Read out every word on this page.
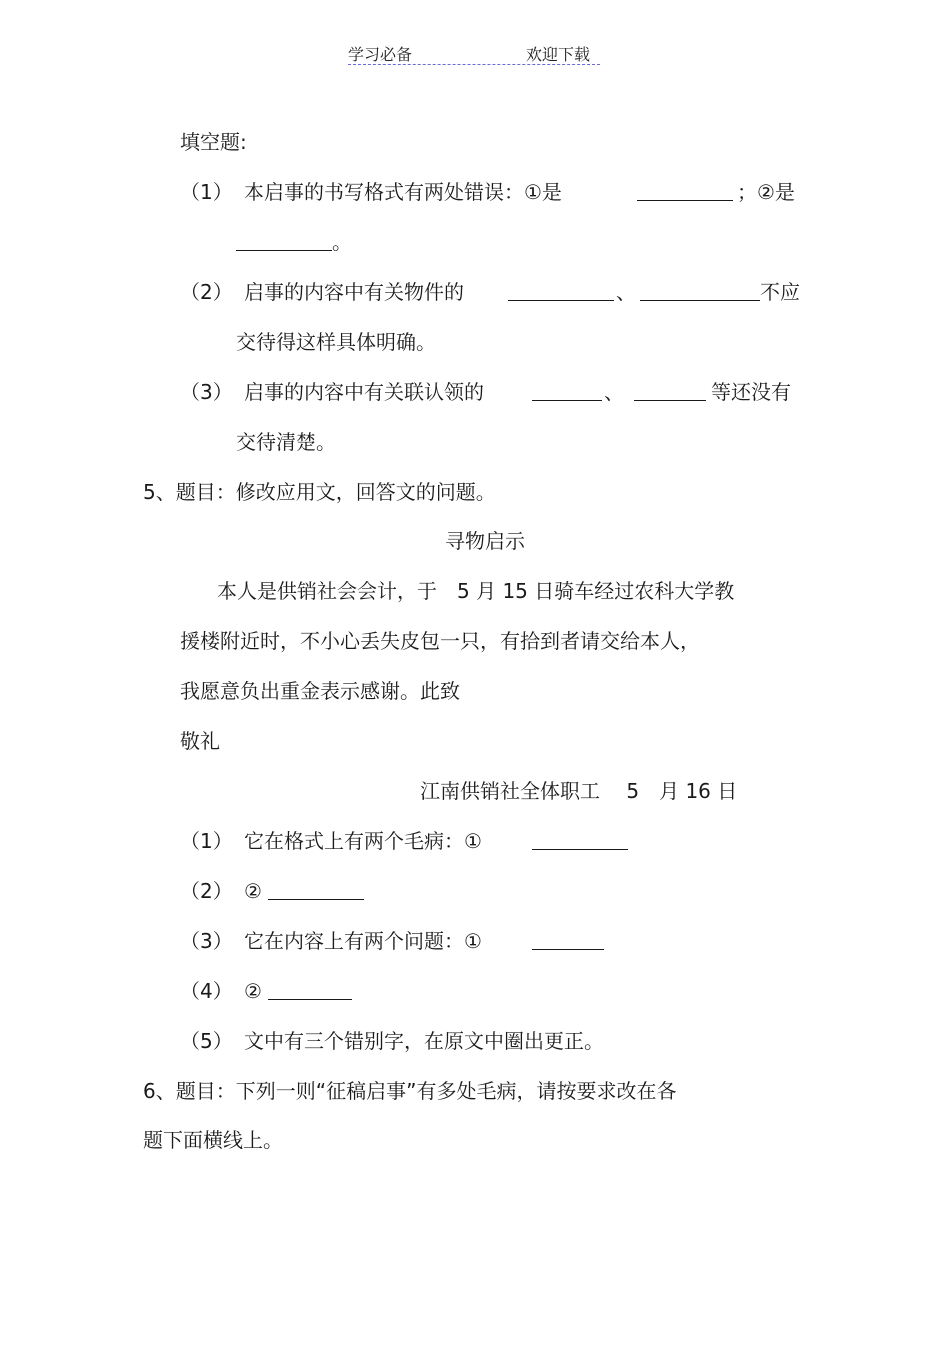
学习必备	欢迎下载
填空题:
（1） 本启事的书写格式有两处错误：①是	；②是
。
（2） 启事的内容中有关物件的	、	不应
交待得这样具体明确。
（3） 启事的内容中有关联认领的	、	等还没有
交待清楚。
5、题目：修改应用文，回答文的问题。
寻物启示
本人是供销社会会计，于　5 月 15 日骑车经过农科大学教
援楼附近时，不小心丢失皮包一只，有拾到者请交给本人，
我愿意负出重金表示感谢。此致
敬礼
江南供销社全体职工　 5　月 16 日
（1） 它在格式上有两个毛病：①
（2） ②
（3） 它在内容上有两个问题：①
（4） ②
（5） 文中有三个错别字，在原文中圈出更正。
6、题目：下列一则“征稿启事”有多处毛病，请按要求改在各
题下面横线上。
